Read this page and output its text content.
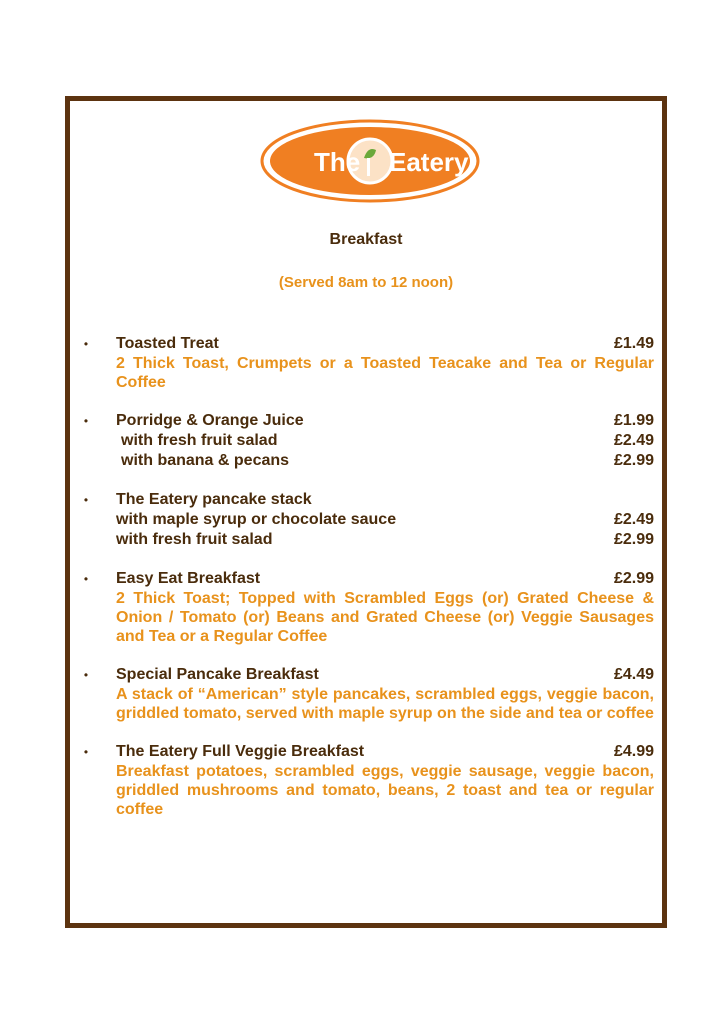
The Eatery
Breakfast
(Served 8am to 12 noon)
• Toasted Treat	£1.49
2 Thick Toast, Crumpets or a Toasted Teacake and Tea or Regular Coffee
• Porridge & Orange Juice	£1.99
with fresh fruit salad	£2.49
with banana & pecans	£2.99
• The Eatery pancake stack
with maple syrup or chocolate sauce	£2.49
with fresh fruit salad	£2.99
• Easy Eat Breakfast	£2.99
2 Thick Toast; Topped with Scrambled Eggs (or) Grated Cheese & Onion / Tomato (or) Beans and Grated Cheese (or) Veggie Sausages and Tea or a Regular Coffee
• Special Pancake Breakfast	£4.49
A stack of “American” style pancakes, scrambled eggs, veggie bacon, griddled tomato, served with maple syrup on the side and tea or coffee
• The Eatery Full Veggie Breakfast	£4.99
Breakfast potatoes, scrambled eggs, veggie sausage, veggie bacon, griddled mushrooms and tomato, beans, 2 toast and tea or regular coffee
